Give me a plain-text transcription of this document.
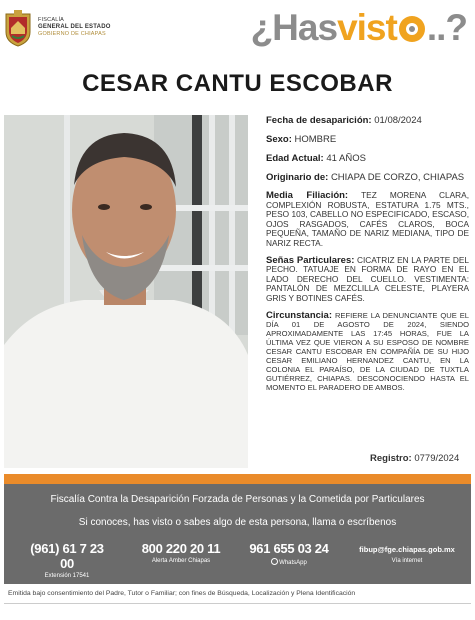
FISCALÍA
GENERAL DEL ESTADO
GOBIERNO DE CHIAPAS	¿Hasvist ..?
CESAR CANTU ESCOBAR
Fecha de desaparición: 01/08/2024
Sexo: HOMBRE
Edad Actual: 41 AÑOS
Originario de: CHIAPA DE CORZO, CHIAPAS
Media Filiación: TEZ MORENA CLARA, COMPLEXIÓN ROBUSTA, ESTATURA 1.75 MTS., PESO 103, CABELLO NO ESPECIFICADO, ESCASO, OJOS RASGADOS, CAFÉS CLAROS, BOCA PEQUEÑA, TAMAÑO DE NARIZ MEDIANA, TIPO DE NARIZ RECTA.
Señas Particulares: CICATRIZ EN LA PARTE DEL PECHO. TATUAJE EN FORMA DE RAYO EN EL LADO DERECHO DEL CUELLO. VESTIMENTA: PANTALÓN DE MEZCLILLA CELESTE, PLAYERA GRIS Y BOTINES CAFÉS.
Circunstancia: REFIERE LA DENUNCIANTE QUE EL DÍA 01 DE AGOSTO DE 2024, SIENDO APROXIMADAMENTE LAS 17:45 HORAS, FUE LA ÚLTIMA VEZ QUE VIERON A SU ESPOSO DE NOMBRE CESAR CANTU ESCOBAR EN COMPAÑÍA DE SU HIJO CESAR EMILIANO HERNANDEZ CANTU, EN LA COLONIA EL PARAÍSO, DE LA CIUDAD DE TUXTLA GUTIÉRREZ, CHIAPAS. DESCONOCIENDO HASTA EL MOMENTO EL PARADERO DE AMBOS.
Registro: 0779/2024
Fiscalía Contra la Desaparición Forzada de Personas y la Cometida por Particulares
Si conoces, has visto o sabes algo de esta persona, llama o escríbenos
(961) 61 7 23 00
Extensión 17541
800 220 20 11
Alerta Amber Chiapas
961 655 03 24
WhatsApp
fibup@fge.chiapas.gob.mx
Vía internet
Emitida bajo consentimiento del Padre, Tutor o Familiar; con fines de Búsqueda, Localización y Plena Identificación
